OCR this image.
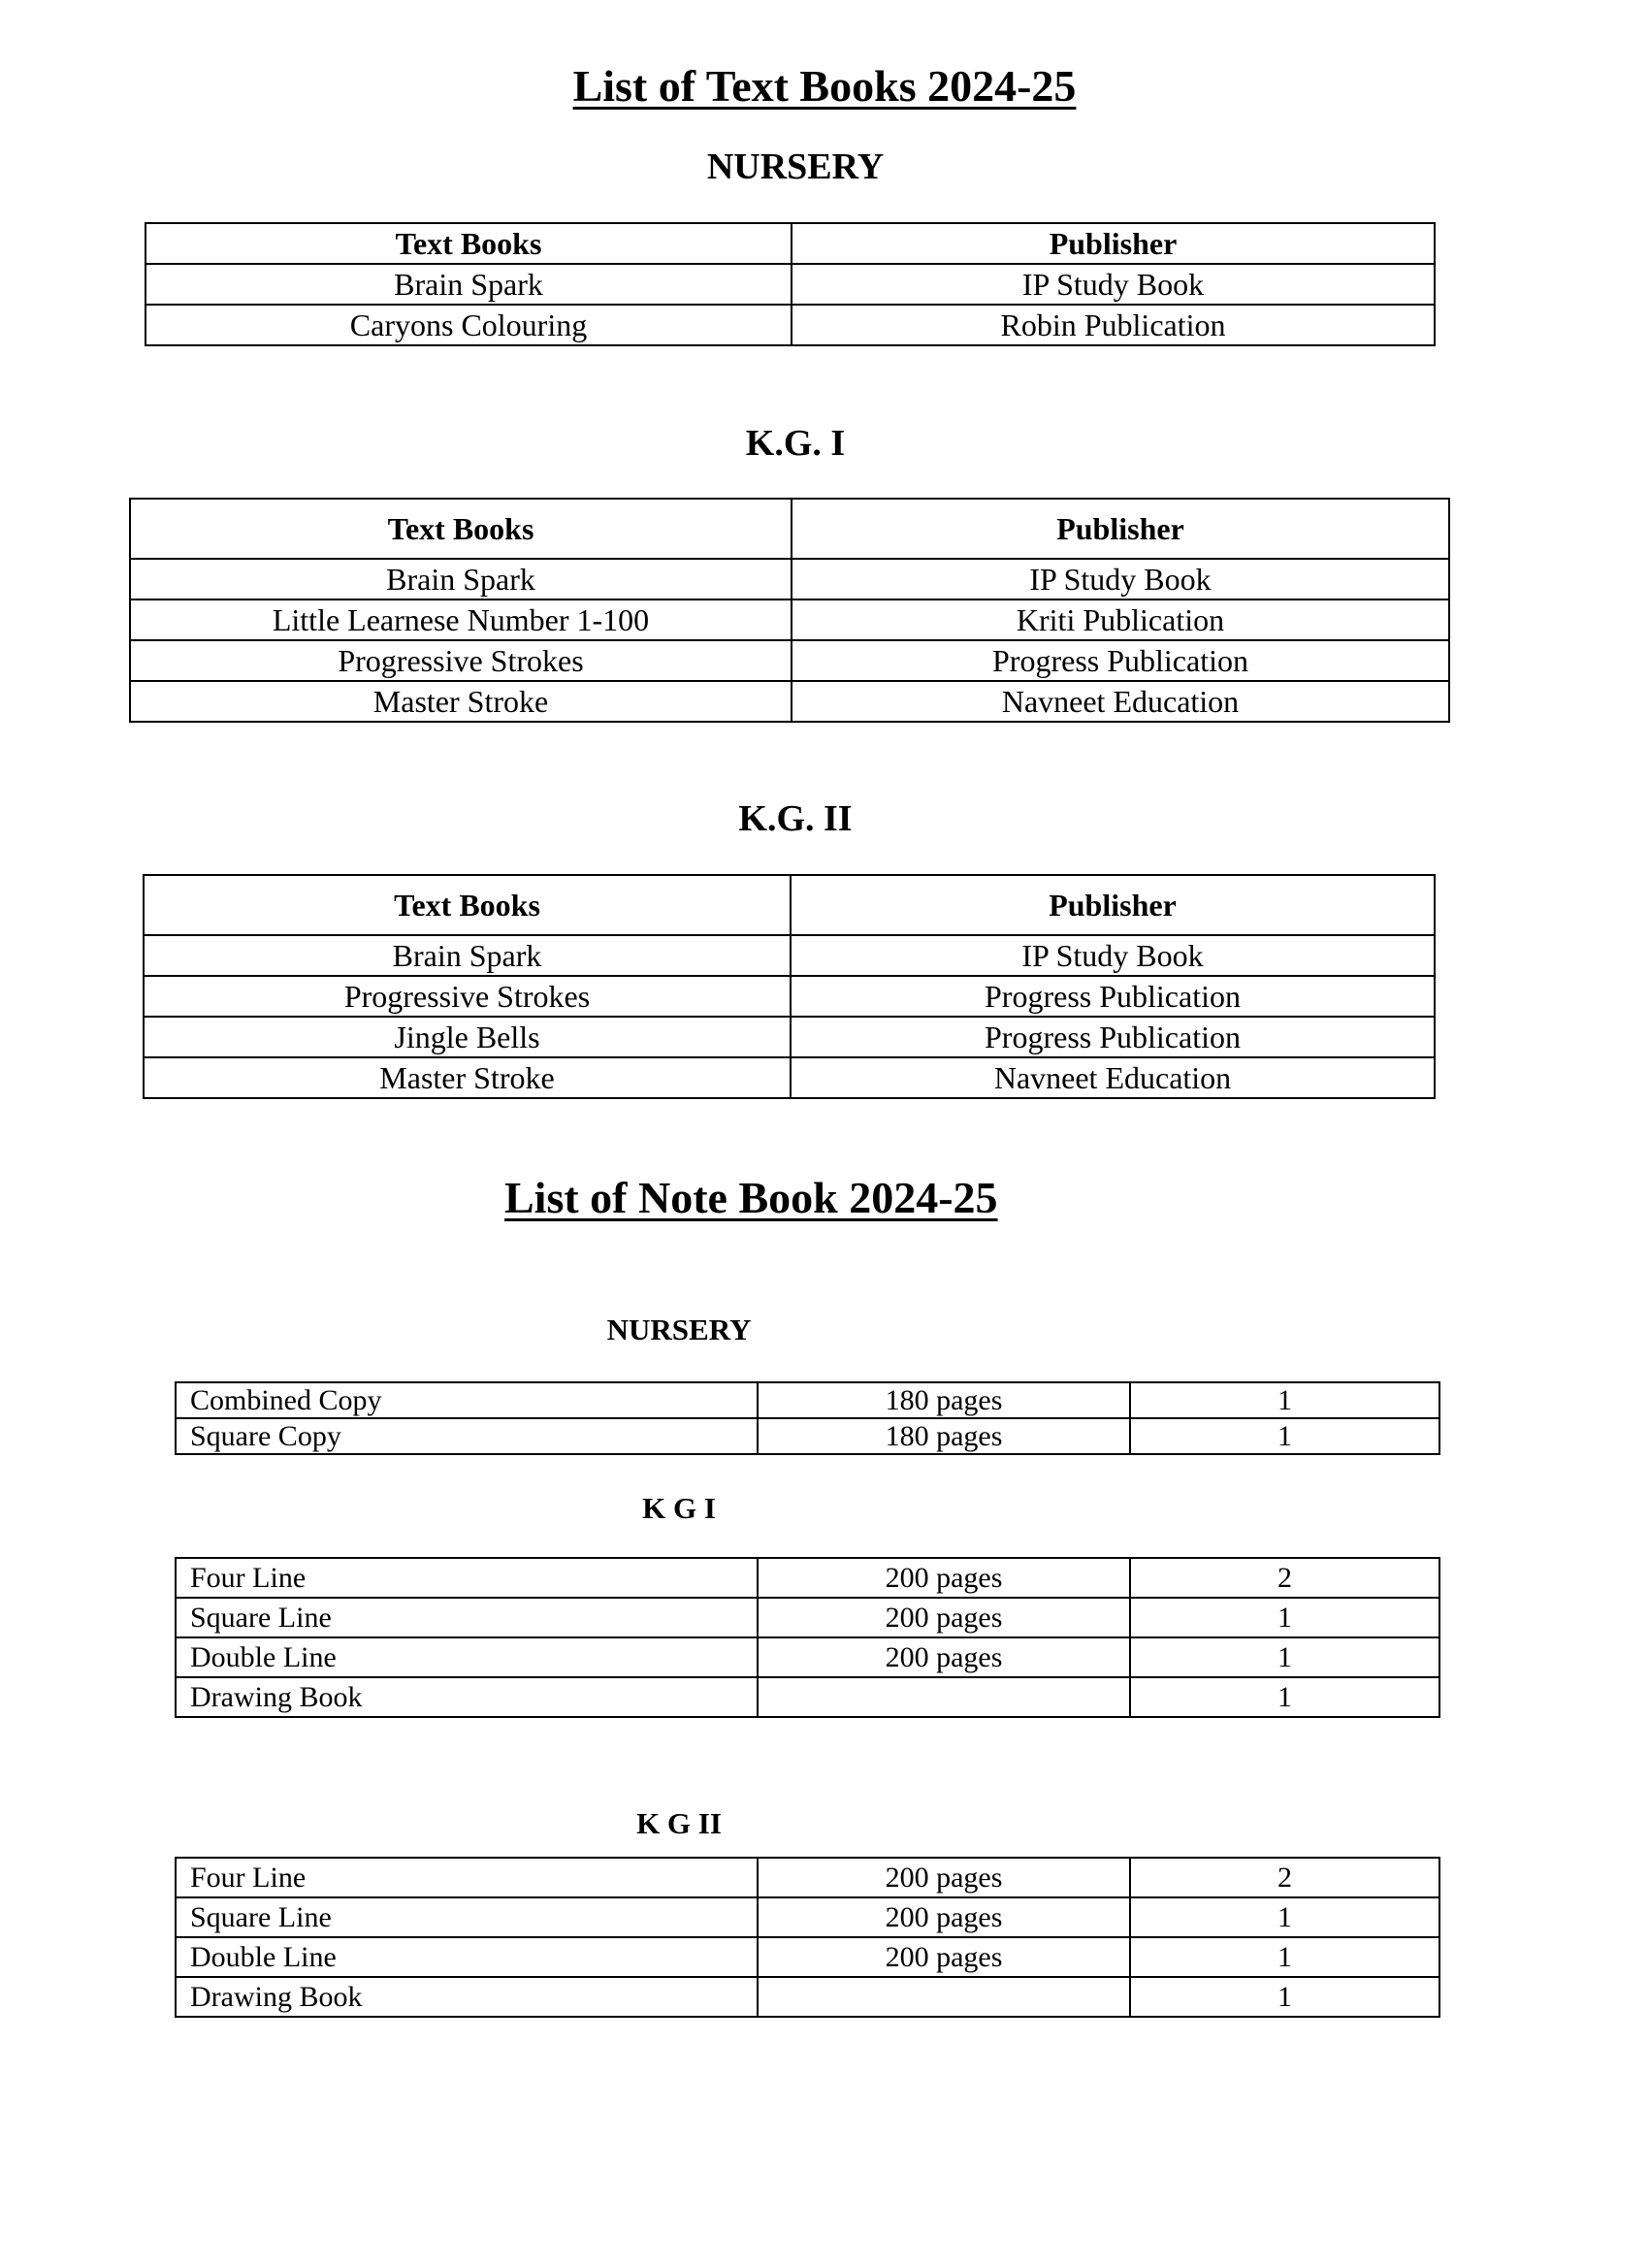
List of Text Books 2024-25
NURSERY
Text Books	Publisher
Brain Spark	IP Study Book
Caryons Colouring	Robin Publication
K.G. I
Text Books	Publisher
Brain Spark	IP Study Book
Little Learnese Number 1-100	Kriti Publication
Progressive Strokes	Progress Publication
Master Stroke	Navneet Education
K.G. II
Text Books	Publisher
Brain Spark	IP Study Book
Progressive Strokes	Progress Publication
Jingle Bells	Progress Publication
Master Stroke	Navneet Education
List of Note Book 2024-25
NURSERY
Combined Copy	180 pages	1
Square Copy	180 pages	1
K G I
Four Line	200 pages	2
Square Line	200 pages	1
Double Line	200 pages	1
Drawing Book		1
K G II
Four Line	200 pages	2
Square Line	200 pages	1
Double Line	200 pages	1
Drawing Book		1
